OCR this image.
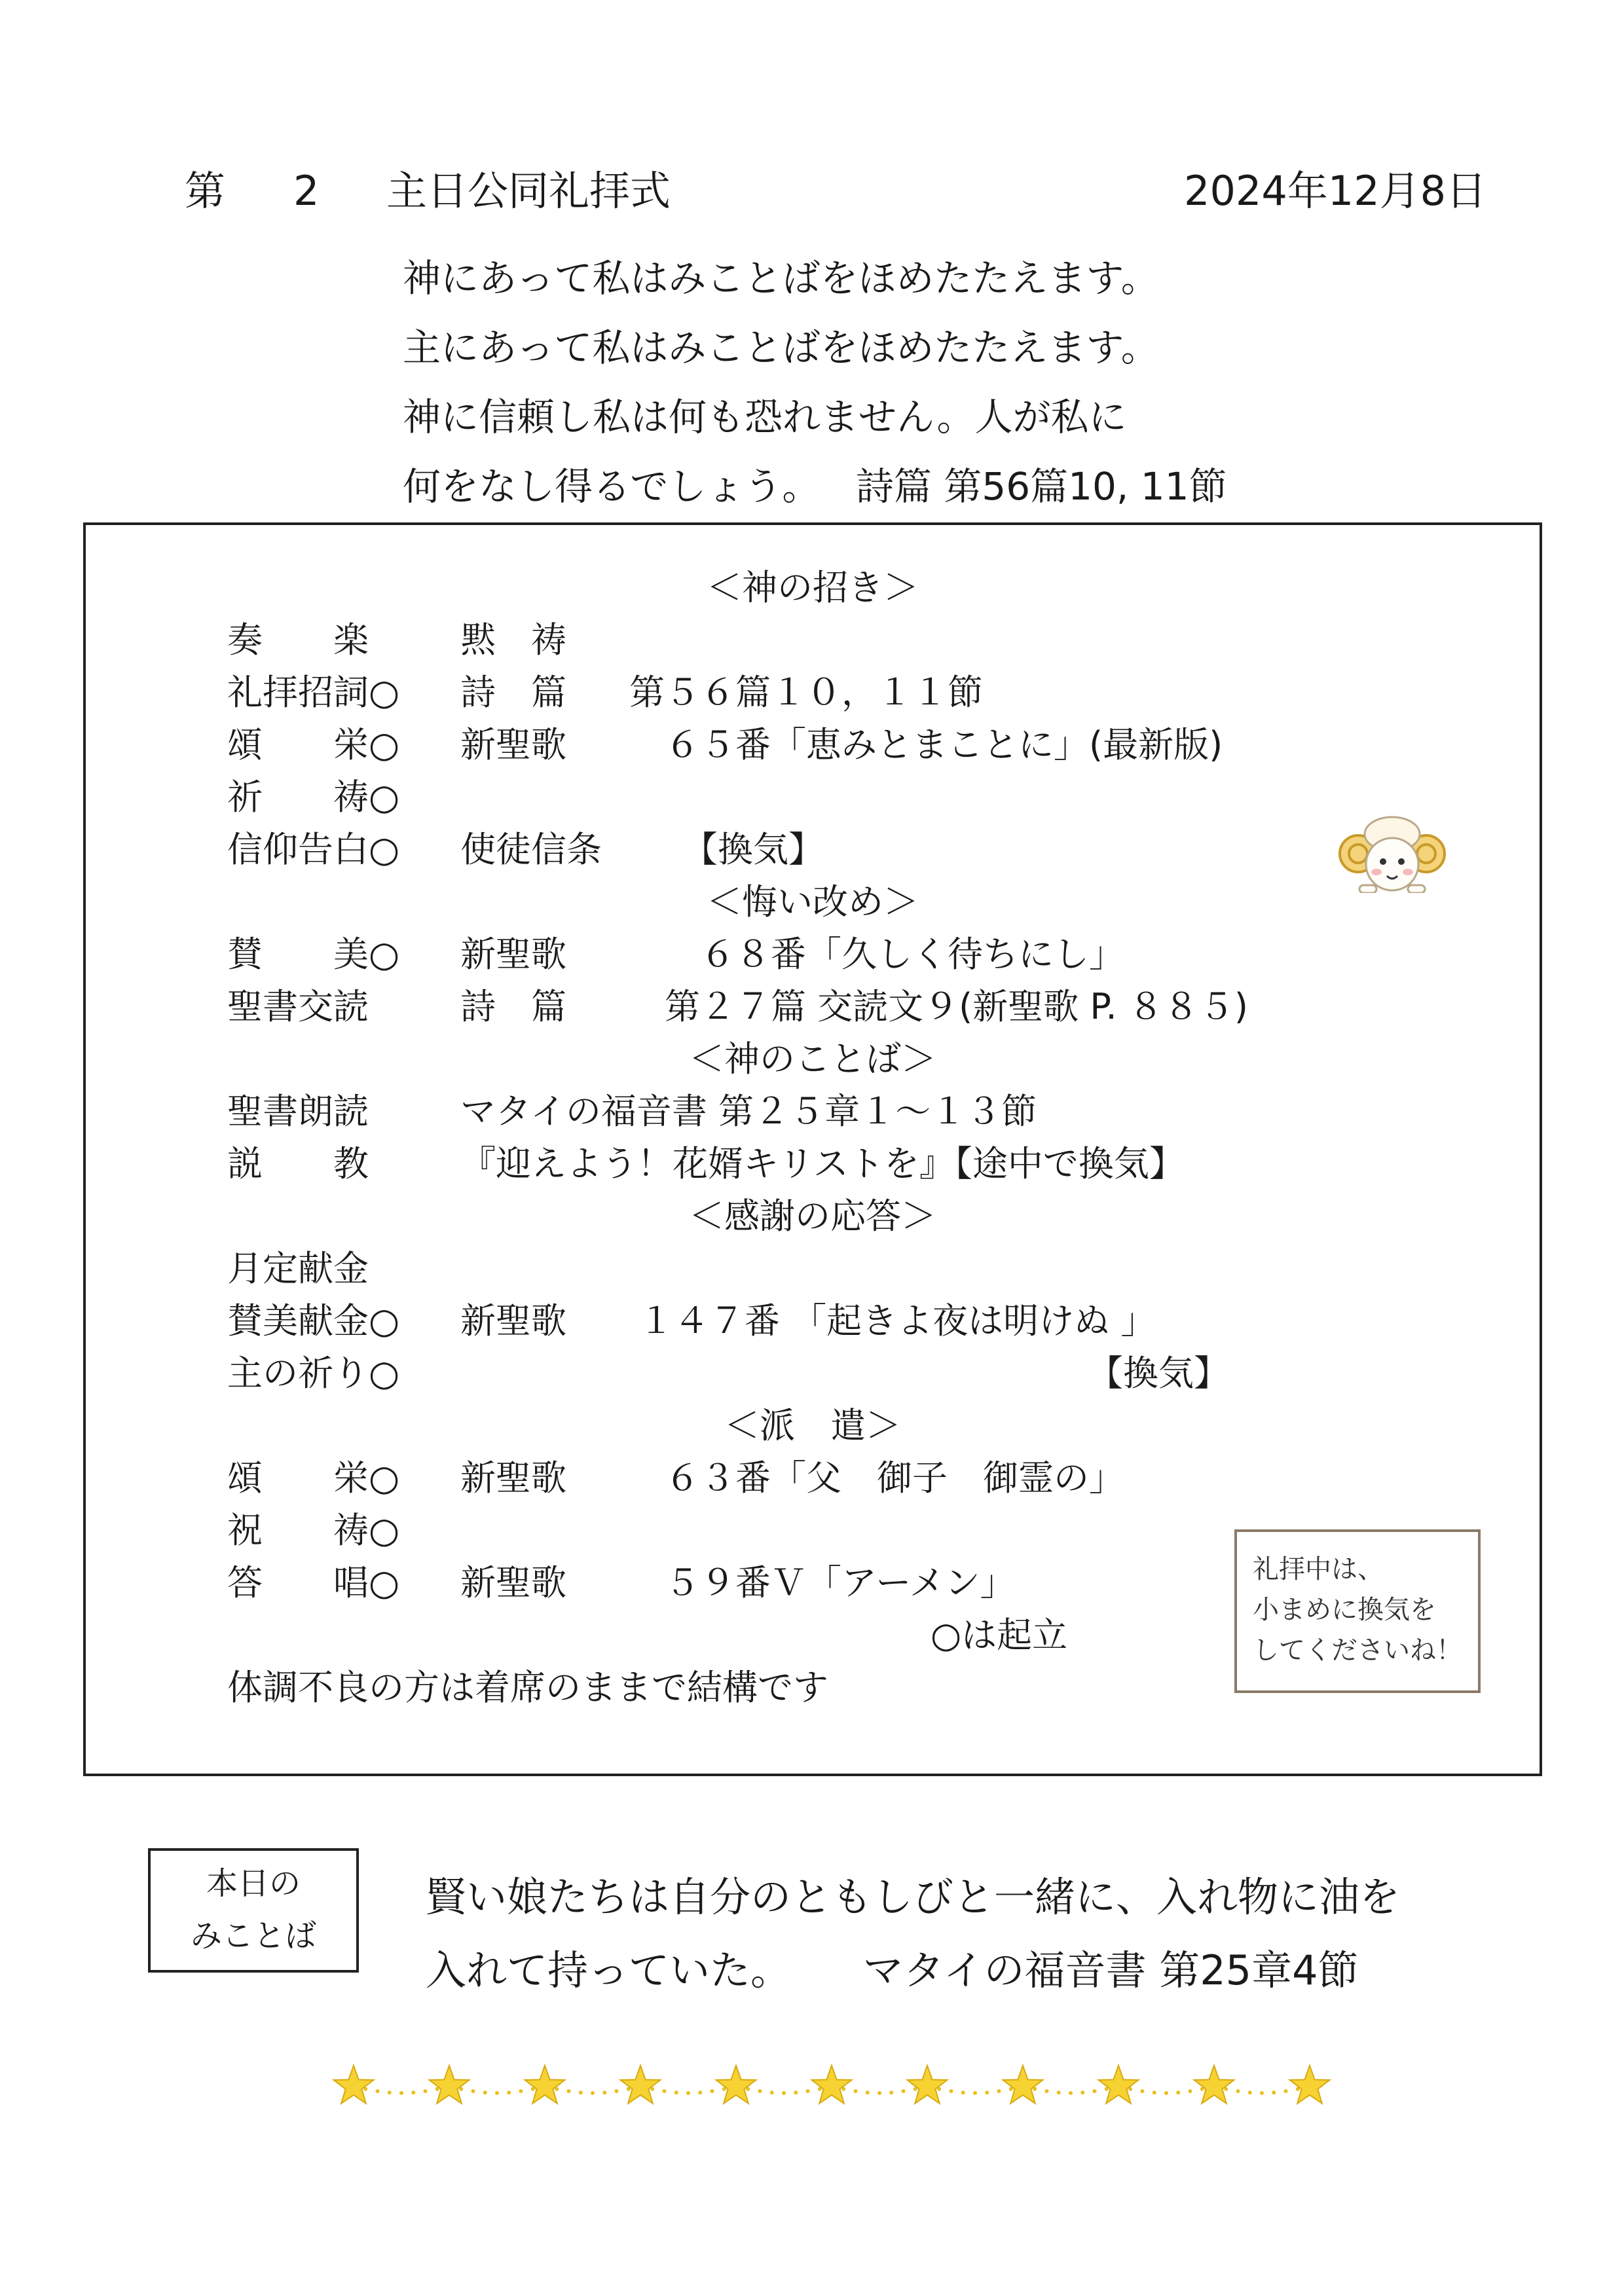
第 2 主日公同礼拝式	2024年12月8日
神にあって私はみことばをほめたたえます。
主にあって私はみことばをほめたたえます。
神に信頼し私は何も恐れません。人が私に
何をなし得るでしょう。 詩篇 第56篇10, 11節
＜神の招き＞
奏　　楽	黙　祷
礼拝招詞○ 詩　篇 第５６篇１０，１１節
頌　　栄○ 新聖歌 　６５番「恵みとまことに」(最新版)
祈　　祷○
信仰告白○ 使徒信条 　　【換気】
＜悔い改め＞
賛　　美○ 新聖歌 　　６８番「久しく待ちにし」
聖書交読	詩　篇 　第２７篇 交読文９(新聖歌 P. ８８５)
＜神のことば＞
聖書朗読	マタイの福音書 第２５章１〜１３節
説　　教	『迎えよう！花婿キリストを』【途中で換気】
＜感謝の応答＞
月定献金
賛美献金○ 新聖歌 １４７番 「起きよ夜は明けぬ 」
主の祈り○	【換気】
＜派　遣＞
頌　　栄○ 新聖歌 　６３番「父　御子　御霊の」
祝　　祷○
答　　唱○ 新聖歌 　５９番Ｖ「アーメン」
○は起立
体調不良の方は着席のままで結構です
礼拝中は、
小まめに換気を
してくださいね！
本日の
みことば
賢い娘たちは自分のともしびと一緒に、入れ物に油を
入れて持っていた。 マタイの福音書 第25章4節
